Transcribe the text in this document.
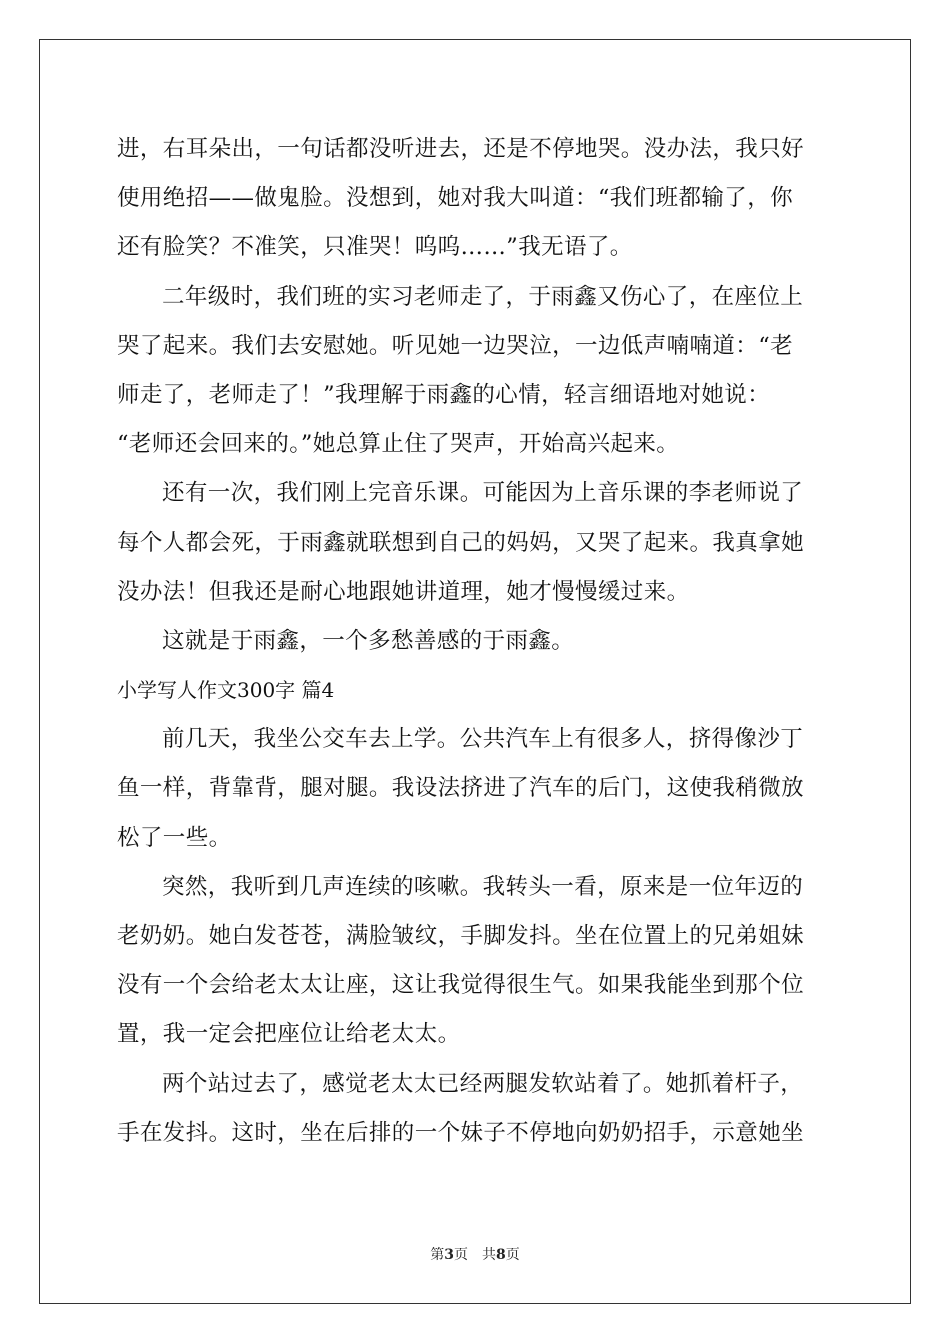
进，右耳朵出，一句话都没听进去，还是不停地哭。没办法，我只好
使用绝招——做鬼脸。没想到，她对我大叫道：“我们班都输了，你
还有脸笑？不准笑，只准哭！呜呜……”我无语了。
二年级时，我们班的实习老师走了，于雨鑫又伤心了，在座位上
哭了起来。我们去安慰她。听见她一边哭泣，一边低声喃喃道：“老
师走了，老师走了！”我理解于雨鑫的心情，轻言细语地对她说：
“老师还会回来的。”她总算止住了哭声，开始高兴起来。
还有一次，我们刚上完音乐课。可能因为上音乐课的李老师说了
每个人都会死，于雨鑫就联想到自己的妈妈，又哭了起来。我真拿她
没办法！但我还是耐心地跟她讲道理，她才慢慢缓过来。
这就是于雨鑫，一个多愁善感的于雨鑫。
小学写人作文300字 篇4
前几天，我坐公交车去上学。公共汽车上有很多人，挤得像沙丁
鱼一样，背靠背，腿对腿。我设法挤进了汽车的后门，这使我稍微放
松了一些。
突然，我听到几声连续的咳嗽。我转头一看，原来是一位年迈的
老奶奶。她白发苍苍，满脸皱纹，手脚发抖。坐在位置上的兄弟姐妹
没有一个会给老太太让座，这让我觉得很生气。如果我能坐到那个位
置，我一定会把座位让给老太太。
两个站过去了，感觉老太太已经两腿发软站着了。她抓着杆子，
手在发抖。这时，坐在后排的一个妹子不停地向奶奶招手，示意她坐
第3页　共8页
